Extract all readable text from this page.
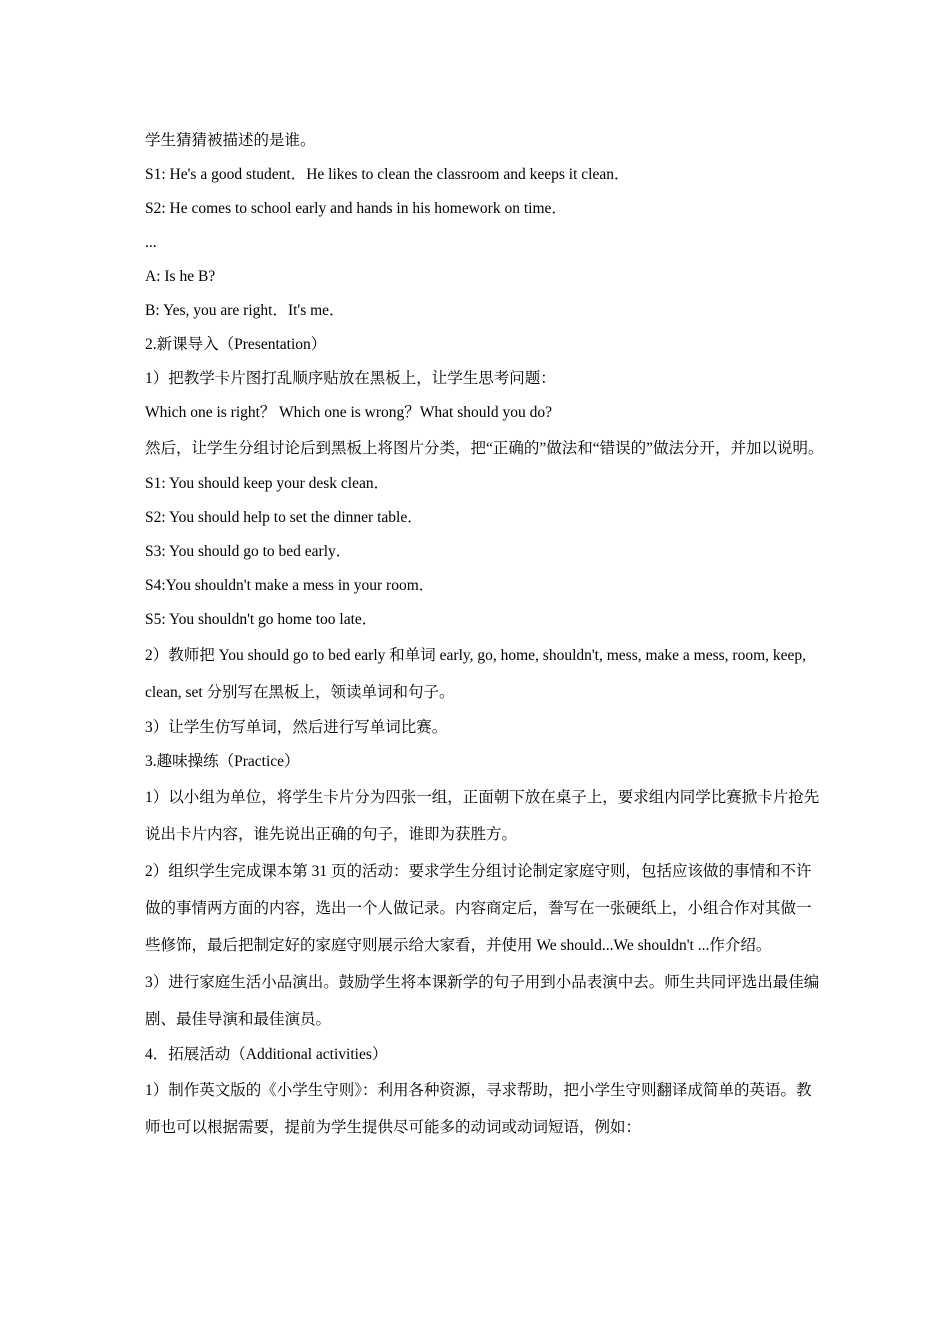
学生猜猜被描述的是谁。

S1: He's a good student．He likes to clean the classroom and keeps it clean．

S2: He comes to school early and hands in his homework on time．

...

A: Is he B?

B: Yes, you are right．It's me．

2.新课导入（Presentation）

1）把教学卡片图打乱顺序贴放在黑板上，让学生思考问题：

Which one is right？ Which one is wrong？What should you do?

然后，让学生分组讨论后到黑板上将图片分类，把“正确的”做法和“错误的”做法分开，并加以说明。

S1: You should keep your desk clean．

S2: You should help to set the dinner table．

S3: You should go to bed early．

S4:You shouldn't make a mess in your room．

S5: You shouldn't go home too late．

2）教师把 You should go to bed early 和单词 early, go, home, shouldn't, mess, make a mess, room, keep, clean, set 分别写在黑板上，领读单词和句子。

3）让学生仿写单词，然后进行写单词比赛。

3.趣味操练（Practice）

1）以小组为单位，将学生卡片分为四张一组，正面朝下放在桌子上，要求组内同学比赛掀卡片抢先说出卡片内容，谁先说出正确的句子，谁即为获胜方。

2）组织学生完成课本第 31 页的活动：要求学生分组讨论制定家庭守则，包括应该做的事情和不许做的事情两方面的内容，选出一个人做记录。内容商定后，誊写在一张硬纸上，小组合作对其做一些修饰，最后把制定好的家庭守则展示给大家看，并使用 We should...We shouldn't ...作介绍。

3）进行家庭生活小品演出。鼓励学生将本课新学的句子用到小品表演中去。师生共同评选出最佳编剧、最佳导演和最佳演员。

4．拓展活动（Additional activities）

1）制作英文版的《小学生守则》：利用各种资源，寻求帮助，把小学生守则翻译成简单的英语。教师也可以根据需要，提前为学生提供尽可能多的动词或动词短语，例如：
